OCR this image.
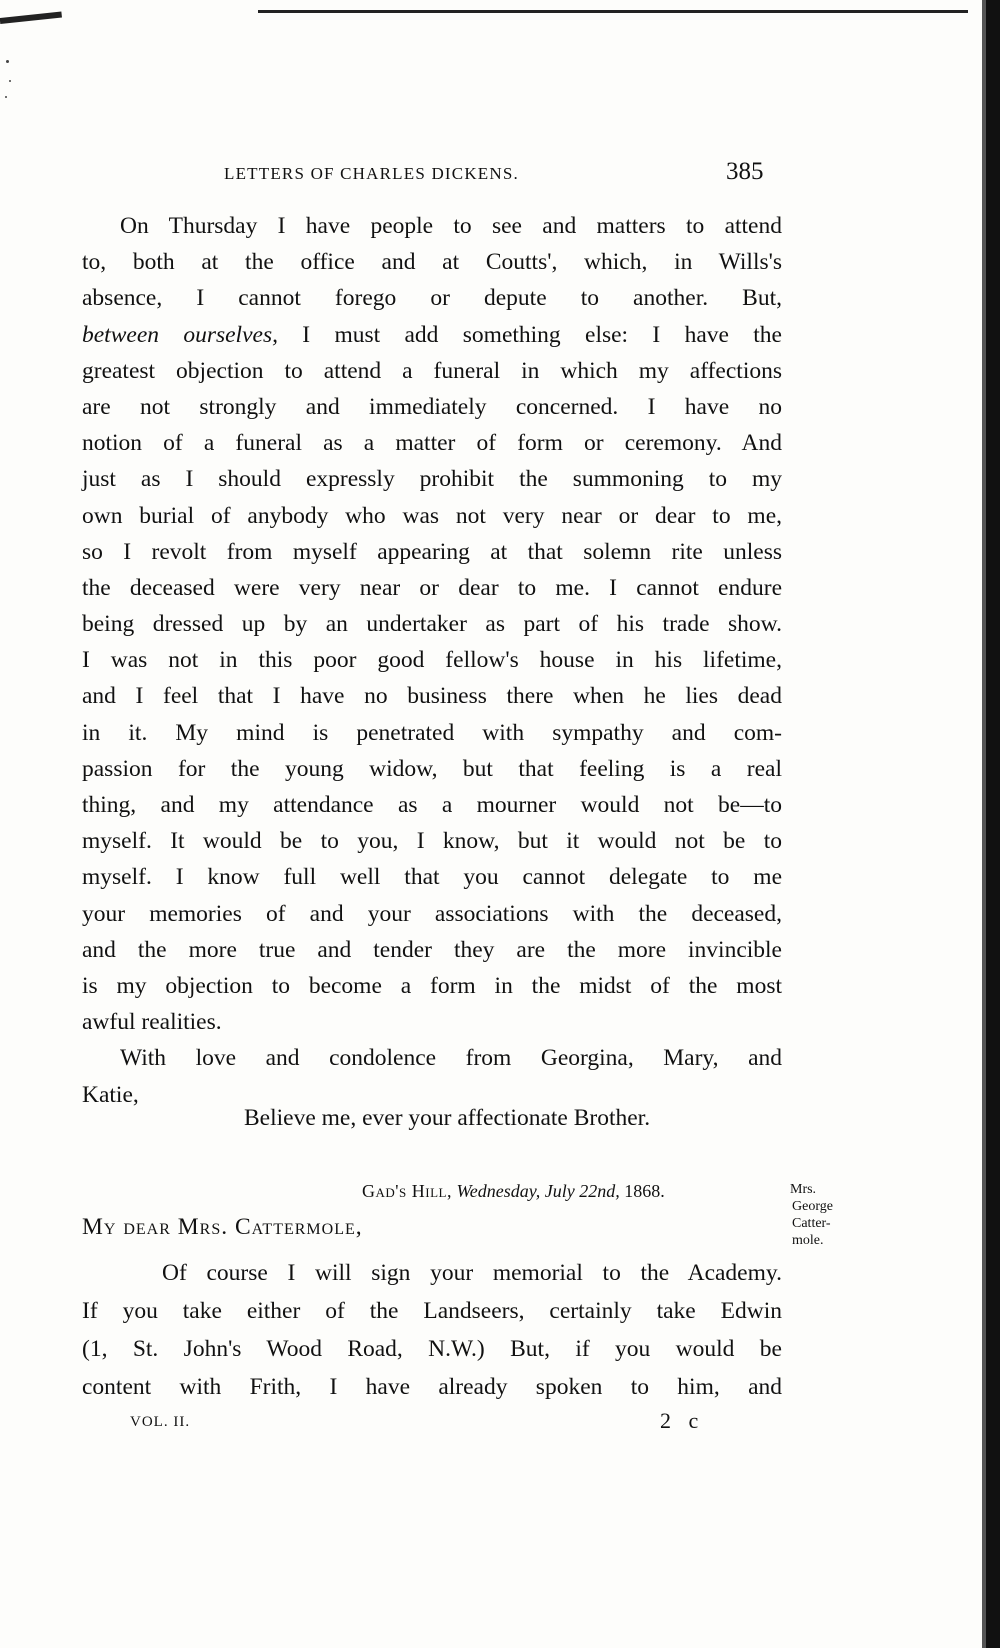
LETTERS OF CHARLES DICKENS.	385
On Thursday I have people to see and matters to attend
to, both at the office and at Coutts', which, in Wills's
absence, I cannot forego or depute to another. But,
between ourselves, I must add something else: I have the
greatest objection to attend a funeral in which my affections
are not strongly and immediately concerned. I have no
notion of a funeral as a matter of form or ceremony. And
just as I should expressly prohibit the summoning to my
own burial of anybody who was not very near or dear to me,
so I revolt from myself appearing at that solemn rite unless
the deceased were very near or dear to me. I cannot endure
being dressed up by an undertaker as part of his trade show.
I was not in this poor good fellow's house in his lifetime,
and I feel that I have no business there when he lies dead
in it. My mind is penetrated with sympathy and com-
passion for the young widow, but that feeling is a real
thing, and my attendance as a mourner would not be—to
myself. It would be to you, I know, but it would not be to
myself. I know full well that you cannot delegate to me
your memories of and your associations with the deceased,
and the more true and tender they are the more invincible
is my objection to become a form in the midst of the most
awful realities.
With love and condolence from Georgina, Mary, and
Katie,
Believe me, ever your affectionate Brother.
Gad's Hill, Wednesday, July 22nd, 1868.	Mrs.
George
Catter-
mole.
My dear Mrs. Cattermole,
Of course I will sign your memorial to the Academy.
If you take either of the Landseers, certainly take Edwin
(1, St. John's Wood Road, N.W.) But, if you would be
content with Frith, I have already spoken to him, and
VOL. II.	2 c
